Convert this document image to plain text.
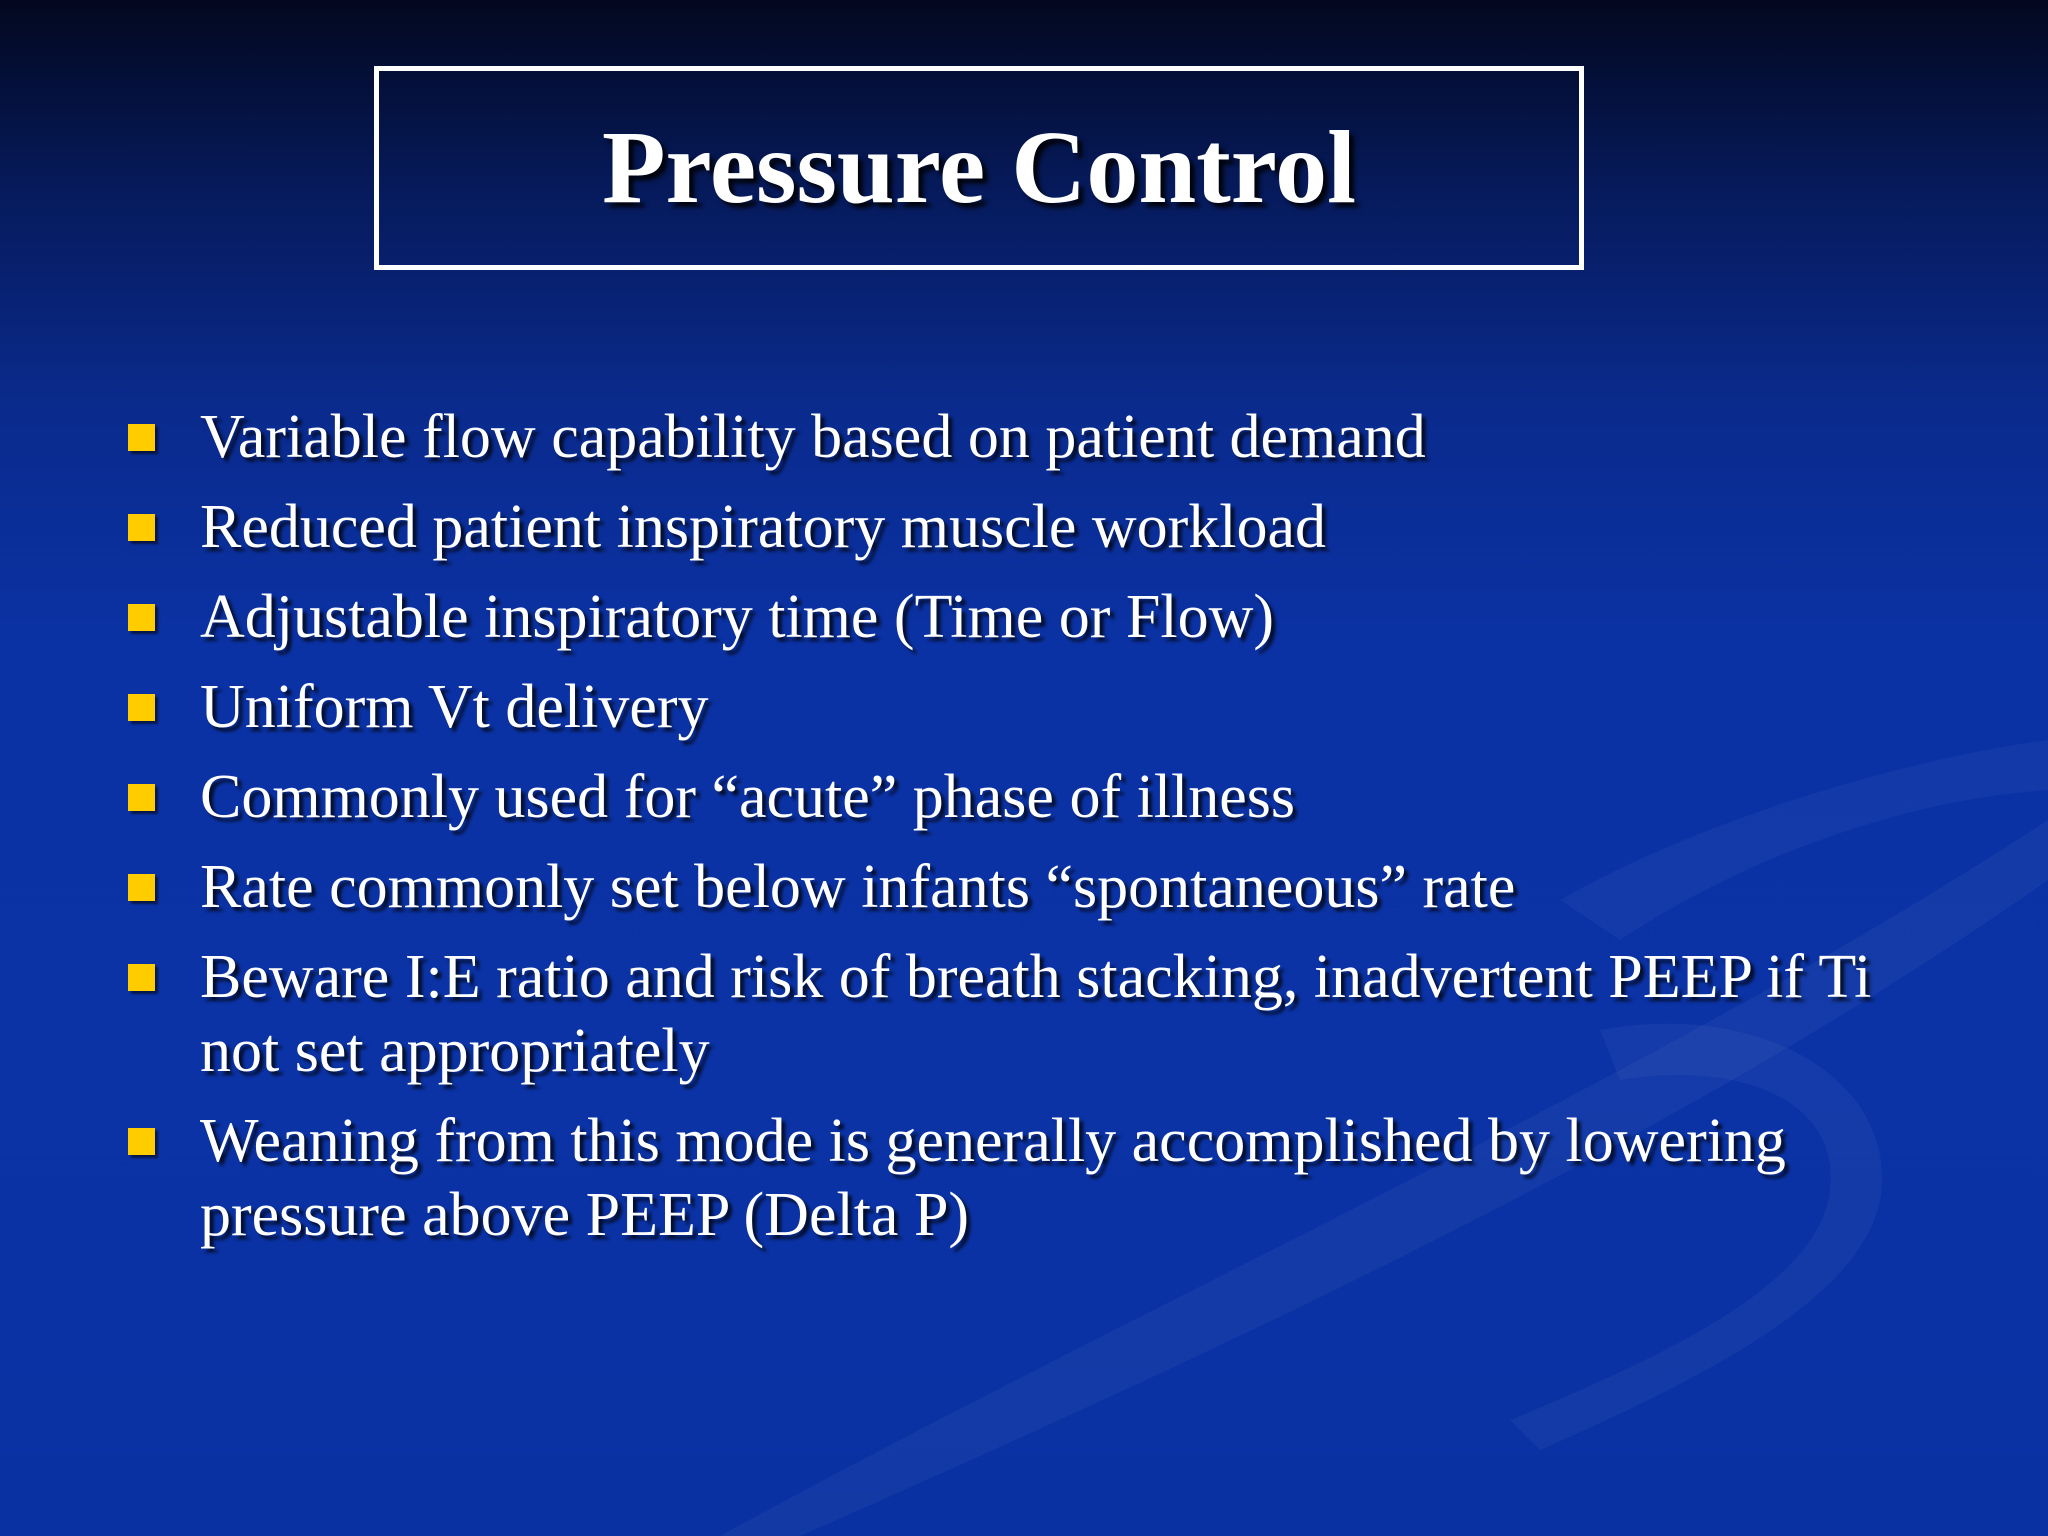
Pressure Control
Variable flow capability based on patient demand
Reduced patient inspiratory muscle workload
Adjustable inspiratory time (Time or Flow)
Uniform Vt delivery
Commonly used for “acute” phase of illness
Rate commonly set below infants “spontaneous” rate
Beware I:E ratio and risk of breath stacking, inadvertent PEEP if Ti not set appropriately
Weaning from this mode is generally accomplished by lowering pressure above PEEP (Delta P)
